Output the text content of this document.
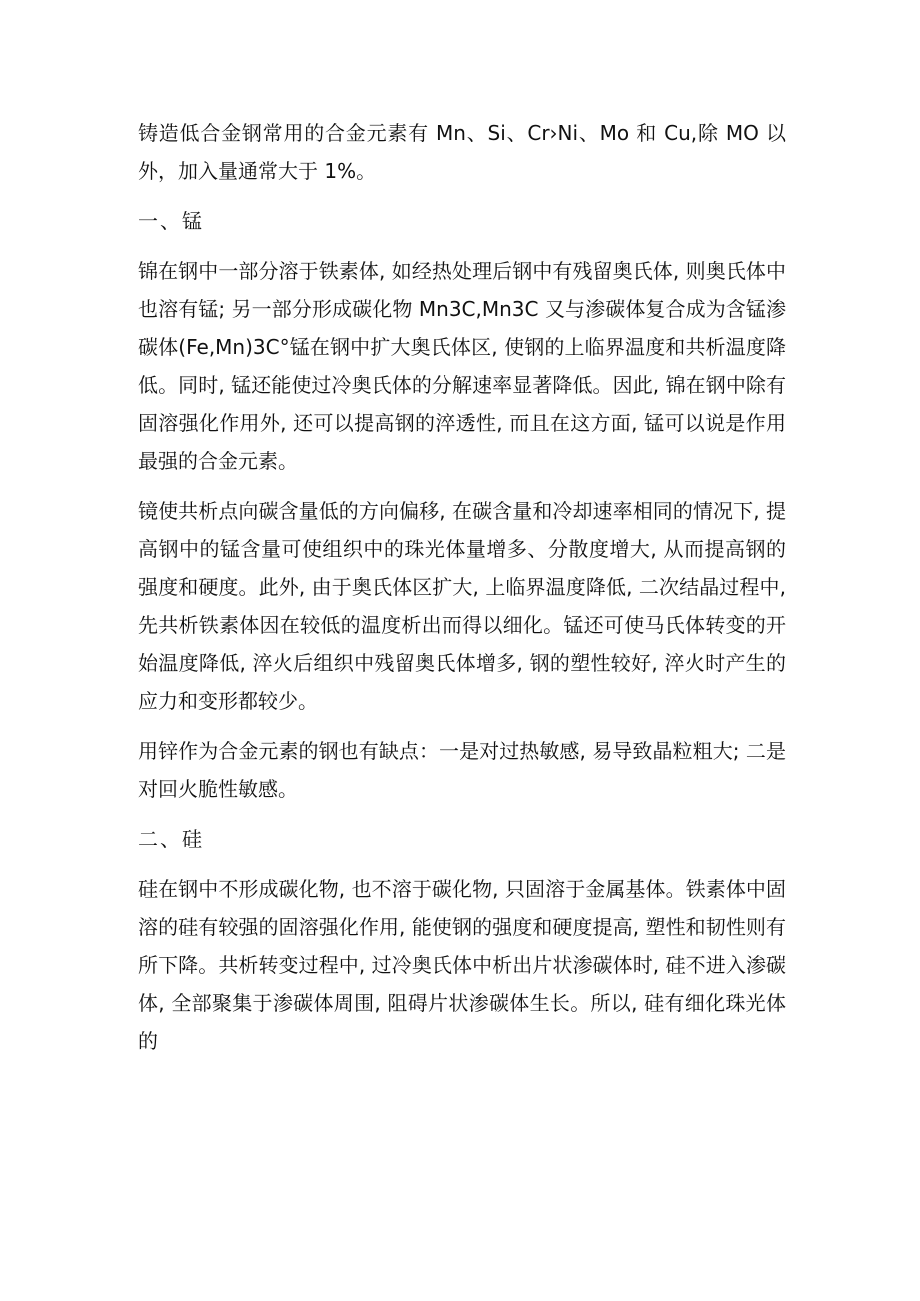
铸造低合金钢常用的合金元素有 Mn、Si、Cr›Ni、Mo 和 Cu,除 MO 以外，加入量通常大于 1%。

一、锰

锦在钢中一部分溶于铁素体, 如经热处理后钢中有残留奥氏体, 则奥氏体中也溶有锰; 另一部分形成碳化物 Mn3C,Mn3C 又与渗碳体复合成为含锰渗碳体(Fe,Mn)3C°锰在钢中扩大奥氏体区, 使钢的上临界温度和共析温度降低。同时, 锰还能使过冷奥氏体的分解速率显著降低。因此, 锦在钢中除有固溶强化作用外, 还可以提高钢的淬透性, 而且在这方面, 锰可以说是作用最强的合金元素。

镜使共析点向碳含量低的方向偏移, 在碳含量和冷却速率相同的情况下, 提高钢中的锰含量可使组织中的珠光体量增多、分散度增大, 从而提高钢的强度和硬度。此外, 由于奥氏体区扩大, 上临界温度降低, 二次结晶过程中, 先共析铁素体因在较低的温度析出而得以细化。锰还可使马氏体转变的开始温度降低, 淬火后组织中残留奥氏体增多, 钢的塑性较好, 淬火时产生的应力和变形都较少。

用锌作为合金元素的钢也有缺点：一是对过热敏感, 易导致晶粒粗大; 二是对回火脆性敏感。

二、硅

硅在钢中不形成碳化物, 也不溶于碳化物, 只固溶于金属基体。铁素体中固溶的硅有较强的固溶强化作用, 能使钢的强度和硬度提高, 塑性和韧性则有所下降。共析转变过程中, 过冷奥氏体中析出片状渗碳体时, 硅不进入渗碳体, 全部聚集于渗碳体周围, 阻碍片状渗碳体生长。所以, 硅有细化珠光体的
